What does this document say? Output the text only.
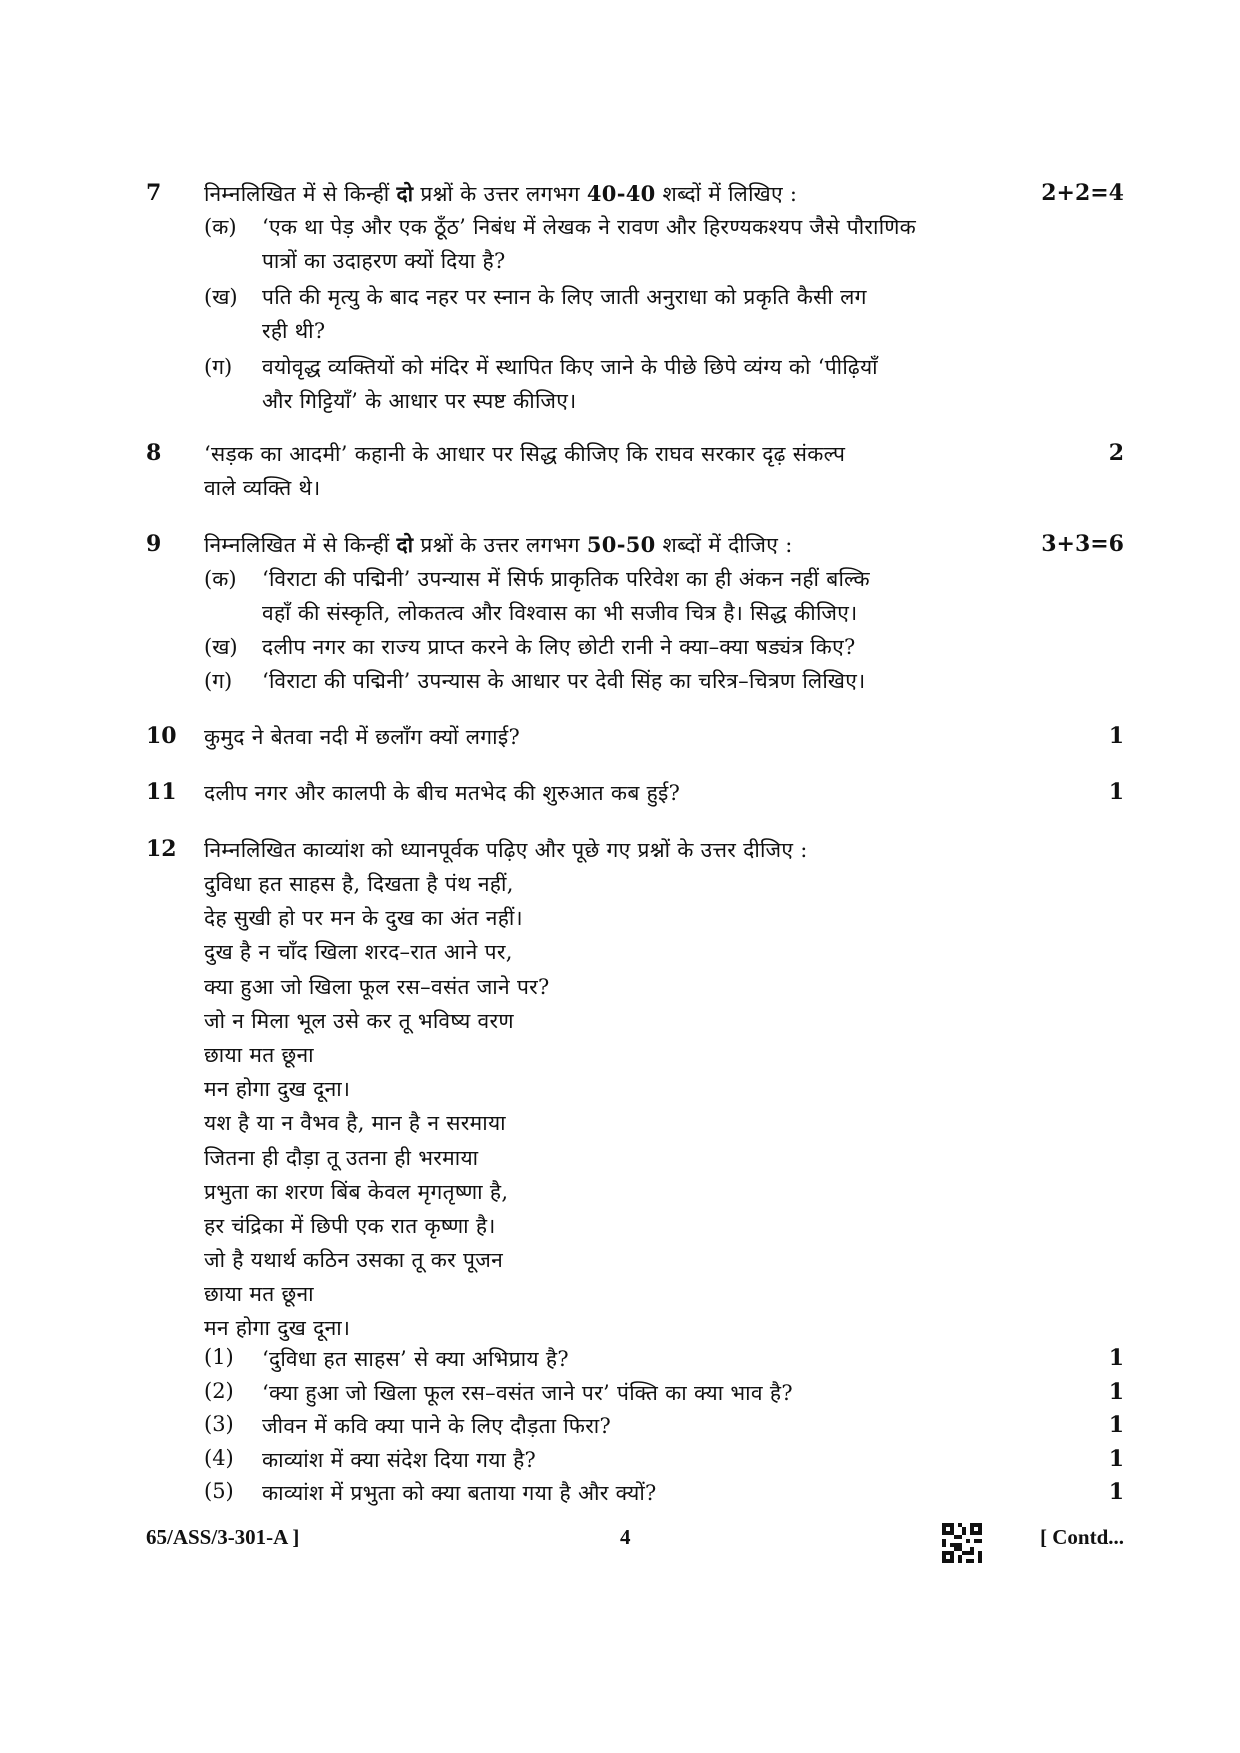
7 निम्नलिखित में से किन्हीं दो प्रश्नों के उत्तर लगभग 40-40 शब्दों में लिखिए :	2+2=4
(क) ‘एक था पेड़ और एक ठूँठ’ निबंध में लेखक ने रावण और हिरण्यकश्यप जैसे पौराणिक
पात्रों का उदाहरण क्यों दिया है?
(ख) पति की मृत्यु के बाद नहर पर स्नान के लिए जाती अनुराधा को प्रकृति कैसी लग
रही थी?
(ग) वयोवृद्ध व्यक्तियों को मंदिर में स्थापित किए जाने के पीछे छिपे व्यंग्य को ‘पीढ़ियाँ
और गिट्टियाँ’ के आधार पर स्पष्ट कीजिए।
8 ‘सड़क का आदमी’ कहानी के आधार पर सिद्ध कीजिए कि राघव सरकार दृढ़ संकल्प	2
वाले व्यक्ति थे।
9 निम्नलिखित में से किन्हीं दो प्रश्नों के उत्तर लगभग 50-50 शब्दों में दीजिए :	3+3=6
(क) ‘विराटा की पद्मिनी’ उपन्यास में सिर्फ प्राकृतिक परिवेश का ही अंकन नहीं बल्कि
वहाँ की संस्कृति, लोकतत्व और विश्वास का भी सजीव चित्र है। सिद्ध कीजिए।
(ख) दलीप नगर का राज्य प्राप्त करने के लिए छोटी रानी ने क्या–क्या षड्यंत्र किए?
(ग) ‘विराटा की पद्मिनी’ उपन्यास के आधार पर देवी सिंह का चरित्र–चित्रण लिखिए।
10 कुमुद ने बेतवा नदी में छलाँग क्यों लगाई?	1
11 दलीप नगर और कालपी के बीच मतभेद की शुरुआत कब हुई?	1
12 निम्नलिखित काव्यांश को ध्यानपूर्वक पढ़िए और पूछे गए प्रश्नों के उत्तर दीजिए :
दुविधा हत साहस है, दिखता है पंथ नहीं,
देह सुखी हो पर मन के दुख का अंत नहीं।
दुख है न चाँद खिला शरद–रात आने पर,
क्या हुआ जो खिला फूल रस–वसंत जाने पर?
जो न मिला भूल उसे कर तू भविष्य वरण
छाया मत छूना
मन होगा दुख दूना।
यश है या न वैभव है, मान है न सरमाया
जितना ही दौड़ा तू उतना ही भरमाया
प्रभुता का शरण बिंब केवल मृगतृष्णा है,
हर चंद्रिका में छिपी एक रात कृष्णा है।
जो है यथार्थ कठिन उसका तू कर पूजन
छाया मत छूना
मन होगा दुख दूना।
(1) ‘दुविधा हत साहस’ से क्या अभिप्राय है?	1
(2) ‘क्या हुआ जो खिला फूल रस–वसंत जाने पर’ पंक्ति का क्या भाव है?	1
(3) जीवन में कवि क्या पाने के लिए दौड़ता फिरा?	1
(4) काव्यांश में क्या संदेश दिया गया है?	1
(5) काव्यांश में प्रभुता को क्या बताया गया है और क्यों?	1
65/ASS/3-301-A ]	4	[ Contd...
